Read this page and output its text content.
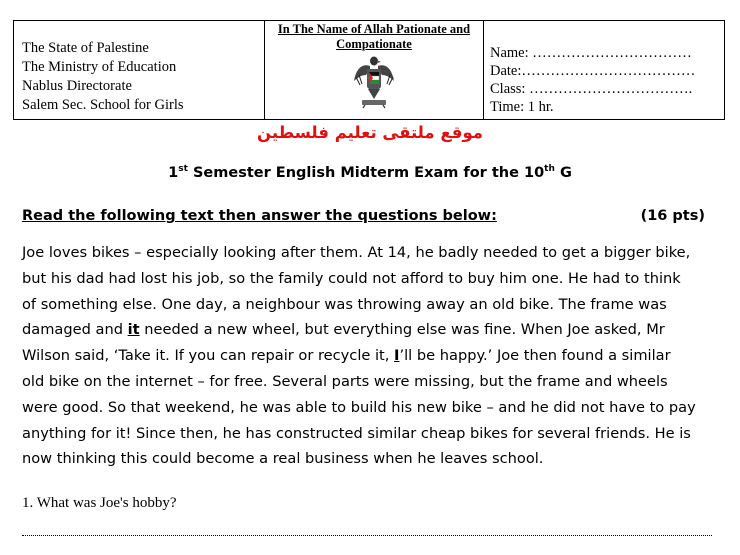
The State of Palestine
The Ministry of Education
Nablus Directorate
Salem Sec. School for Girls

In The Name of Allah Pationate and
Compationate

Name: ……………………………
Date:………………………………
Class: …………………………….
Time: 1 hr.
موقع ملتقى تعليم فلسطين
1st Semester English Midterm Exam for the 10th G
Read the following text then answer the questions below:	(16 pts)
Joe loves bikes – especially looking after them. At 14, he badly needed to get a bigger bike,
but his dad had lost his job, so the family could not afford to buy him one. He had to think
of something else. One day, a neighbour was throwing away an old bike. The frame was
damaged and it needed a new wheel, but everything else was fine. When Joe asked, Mr
Wilson said, ‘Take it. If you can repair or recycle it, I’ll be happy.’ Joe then found a similar
old bike on the internet – for free. Several parts were missing, but the frame and wheels
were good. So that weekend, he was able to build his new bike – and he did not have to pay
anything for it! Since then, he has constructed similar cheap bikes for several friends. He is
now thinking this could become a real business when he leaves school.
1. What was Joe's hobby?
